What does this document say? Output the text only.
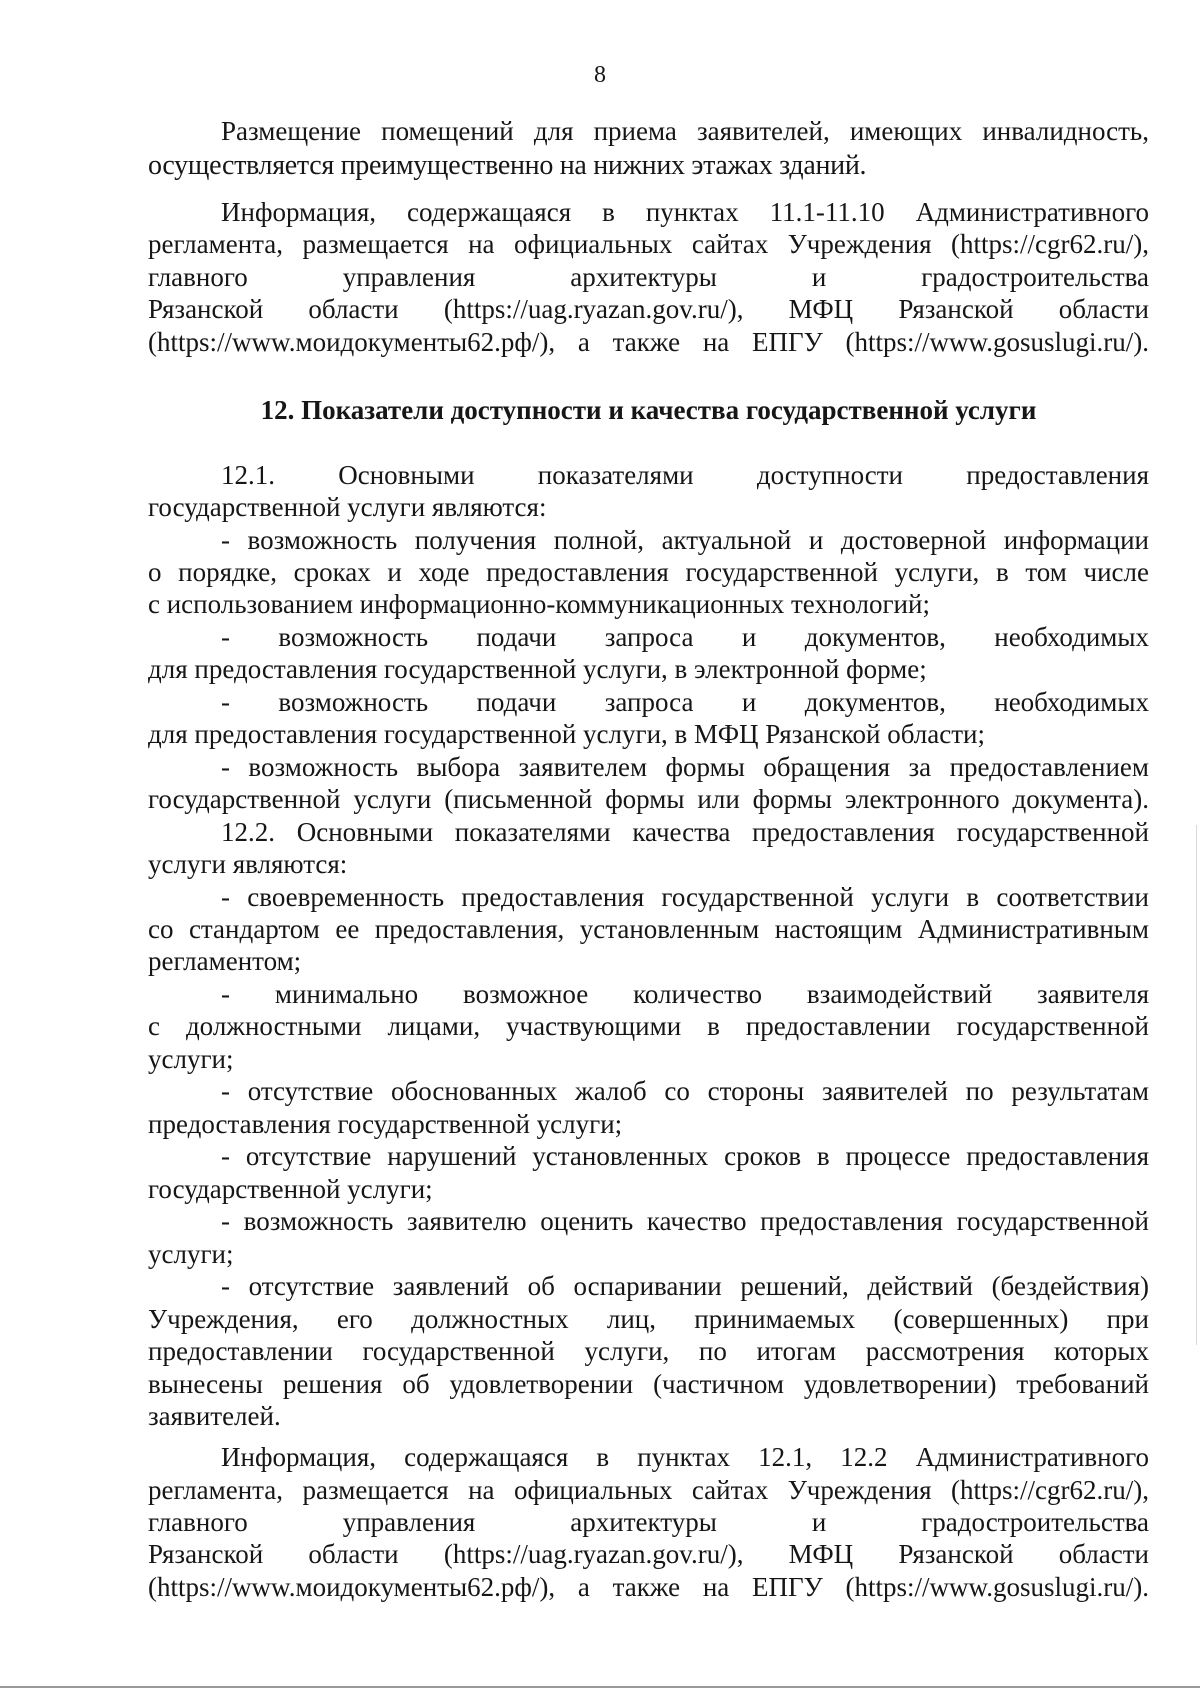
8
Размещение помещений для приема заявителей, имеющих инвалидность,
осуществляется преимущественно на нижних этажах зданий.
Информация, содержащаяся в пунктах 11.1-11.10 Административного
регламента, размещается на официальных сайтах Учреждения (https://cgr62.ru/),
главного управления архитектуры и градостроительства
Рязанской области (https://uag.ryazan.gov.ru/), МФЦ Рязанской области
(https://www.моидокументы62.рф/), а также на ЕПГУ (https://www.gosuslugi.ru/).
12. Показатели доступности и качества государственной услуги
12.1. Основными показателями доступности предоставления
государственной услуги являются:
- возможность получения полной, актуальной и достоверной информации
о порядке, сроках и ходе предоставления государственной услуги, в том числе
с использованием информационно-коммуникационных технологий;
- возможность подачи запроса и документов, необходимых
для предоставления государственной услуги, в электронной форме;
- возможность подачи запроса и документов, необходимых
для предоставления государственной услуги, в МФЦ Рязанской области;
- возможность выбора заявителем формы обращения за предоставлением
государственной услуги (письменной формы или формы электронного документа).
12.2. Основными показателями качества предоставления государственной
услуги являются:
- своевременность предоставления государственной услуги в соответствии
со стандартом ее предоставления, установленным настоящим Административным
регламентом;
- минимально возможное количество взаимодействий заявителя
с должностными лицами, участвующими в предоставлении государственной
услуги;
- отсутствие обоснованных жалоб со стороны заявителей по результатам
предоставления государственной услуги;
- отсутствие нарушений установленных сроков в процессе предоставления
государственной услуги;
- возможность заявителю оценить качество предоставления государственной
услуги;
- отсутствие заявлений об оспаривании решений, действий (бездействия)
Учреждения, его должностных лиц, принимаемых (совершенных) при
предоставлении государственной услуги, по итогам рассмотрения которых
вынесены решения об удовлетворении (частичном удовлетворении) требований
заявителей.
Информация, содержащаяся в пунктах 12.1, 12.2 Административного
регламента, размещается на официальных сайтах Учреждения (https://cgr62.ru/),
главного управления архитектуры и градостроительства
Рязанской области (https://uag.ryazan.gov.ru/), МФЦ Рязанской области
(https://www.моидокументы62.рф/), а также на ЕПГУ (https://www.gosuslugi.ru/).
